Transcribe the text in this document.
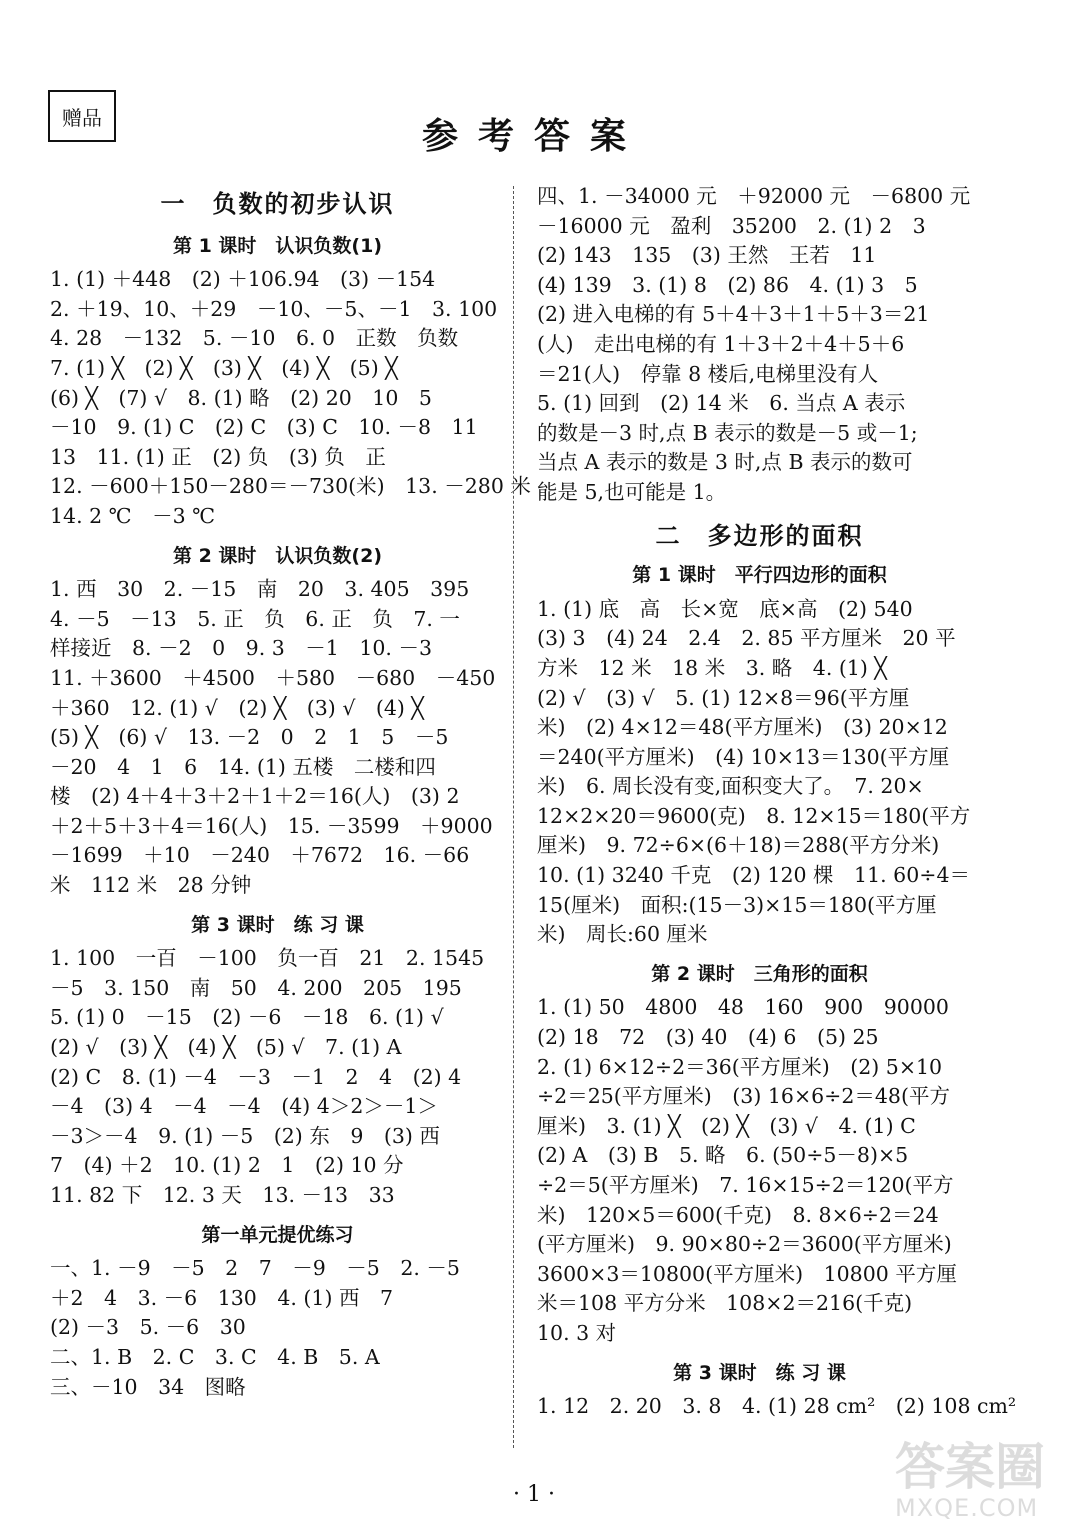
赠品	参考答案
一　负数的初步认识
第 1 课时　认识负数(1)
1. (1) ＋448　(2) ＋106.94　(3) －154
2. ＋19、10、＋29　－10、－5、－1　3. 100
4. 28　－132　5. －10　6. 0　正数　负数
7. (1) ╳　(2) ╳　(3) ╳　(4) ╳　(5) ╳
(6) ╳　(7) √　8. (1) 略　(2) 20　10　5
－10　9. (1) C　(2) C　(3) C　10. －8　11
13　11. (1) 正　(2) 负　(3) 负　正
12. －600＋150－280＝－730(米)　13. －280 米
14. 2 ℃　－3 ℃
第 2 课时　认识负数(2)
1. 西　30　2. －15　南　20　3. 405　395
4. －5　－13　5. 正　负　6. 正　负　7. 一
样接近　8. －2　0　9. 3　－1　10. －3
11. ＋3600　＋4500　＋580　－680　－450
＋360　12. (1) √　(2) ╳　(3) √　(4) ╳
(5) ╳　(6) √　13. －2　0　2　1　5　－5
－20　4　1　6　14. (1) 五楼　二楼和四
楼　(2) 4＋4＋3＋2＋1＋2＝16(人)　(3) 2
＋2＋5＋3＋4＝16(人)　15. －3599　＋9000
－1699　＋10　－240　＋7672　16. －66
米　112 米　28 分钟
第 3 课时　练 习 课
1. 100　一百　－100　负一百　21　2. 1545
－5　3. 150　南　50　4. 200　205　195
5. (1) 0　－15　(2) －6　－18　6. (1) √
(2) √　(3) ╳　(4) ╳　(5) √　7. (1) A
(2) C　8. (1) －4　－3　－1　2　4　(2) 4
－4　(3) 4　－4　－4　(4) 4＞2＞－1＞
－3＞－4　9. (1) －5　(2) 东　9　(3) 西
7　(4) ＋2　10. (1) 2　1　(2) 10 分
11. 82 下　12. 3 天　13. －13　33
第一单元提优练习
一、1. －9　－5　2　7　－9　－5　2. －5
＋2　4　3. －6　130　4. (1) 西　7
(2) －3　5. －6　30
二、1. B　2. C　3. C　4. B　5. A
三、－10　34　图略
四、1. －34000 元　＋92000 元　－6800 元
－16000 元　盈利　35200　2. (1) 2　3
(2) 143　135　(3) 王然　王若　11
(4) 139　3. (1) 8　(2) 86　4. (1) 3　5
(2) 进入电梯的有 5＋4＋3＋1＋5＋3＝21
(人)　走出电梯的有 1＋3＋2＋4＋5＋6
＝21(人)　停靠 8 楼后,电梯里没有人
5. (1) 回到　(2) 14 米　6. 当点 A 表示
的数是－3 时,点 B 表示的数是－5 或－1;
当点 A 表示的数是 3 时,点 B 表示的数可
能是 5,也可能是 1。
二　多边形的面积
第 1 课时　平行四边形的面积
1. (1) 底　高　长×宽　底×高　(2) 540
(3) 3　(4) 24　2.4　2. 85 平方厘米　20 平
方米　12 米　18 米　3. 略　4. (1) ╳
(2) √　(3) √　5. (1) 12×8＝96(平方厘
米)　(2) 4×12＝48(平方厘米)　(3) 20×12
＝240(平方厘米)　(4) 10×13＝130(平方厘
米)　6. 周长没有变,面积变大了。　7. 20×
12×2×20＝9600(克)　8. 12×15＝180(平方
厘米)　9. 72÷6×(6＋18)＝288(平方分米)
10. (1) 3240 千克　(2) 120 棵　11. 60÷4＝
15(厘米)　面积:(15－3)×15＝180(平方厘
米)　周长:60 厘米
第 2 课时　三角形的面积
1. (1) 50　4800　48　160　900　90000
(2) 18　72　(3) 40　(4) 6　(5) 25
2. (1) 6×12÷2＝36(平方厘米)　(2) 5×10
÷2＝25(平方厘米)　(3) 16×6÷2＝48(平方
厘米)　3. (1) ╳　(2) ╳　(3) √　4. (1) C
(2) A　(3) B　5. 略　6. (50÷5－8)×5
÷2＝5(平方厘米)　7. 16×15÷2＝120(平方
米)　120×5＝600(千克)　8. 8×6÷2＝24
(平方厘米)　9. 90×80÷2＝3600(平方厘米)
3600×3＝10800(平方厘米)　10800 平方厘
米＝108 平方分米　108×2＝216(千克)
10. 3 对
第 3 课时　练 习 课
1. 12　2. 20　3. 8　4. (1) 28 cm²　(2) 108 cm²
· 1 ·	答案圈
MXQE.COM
